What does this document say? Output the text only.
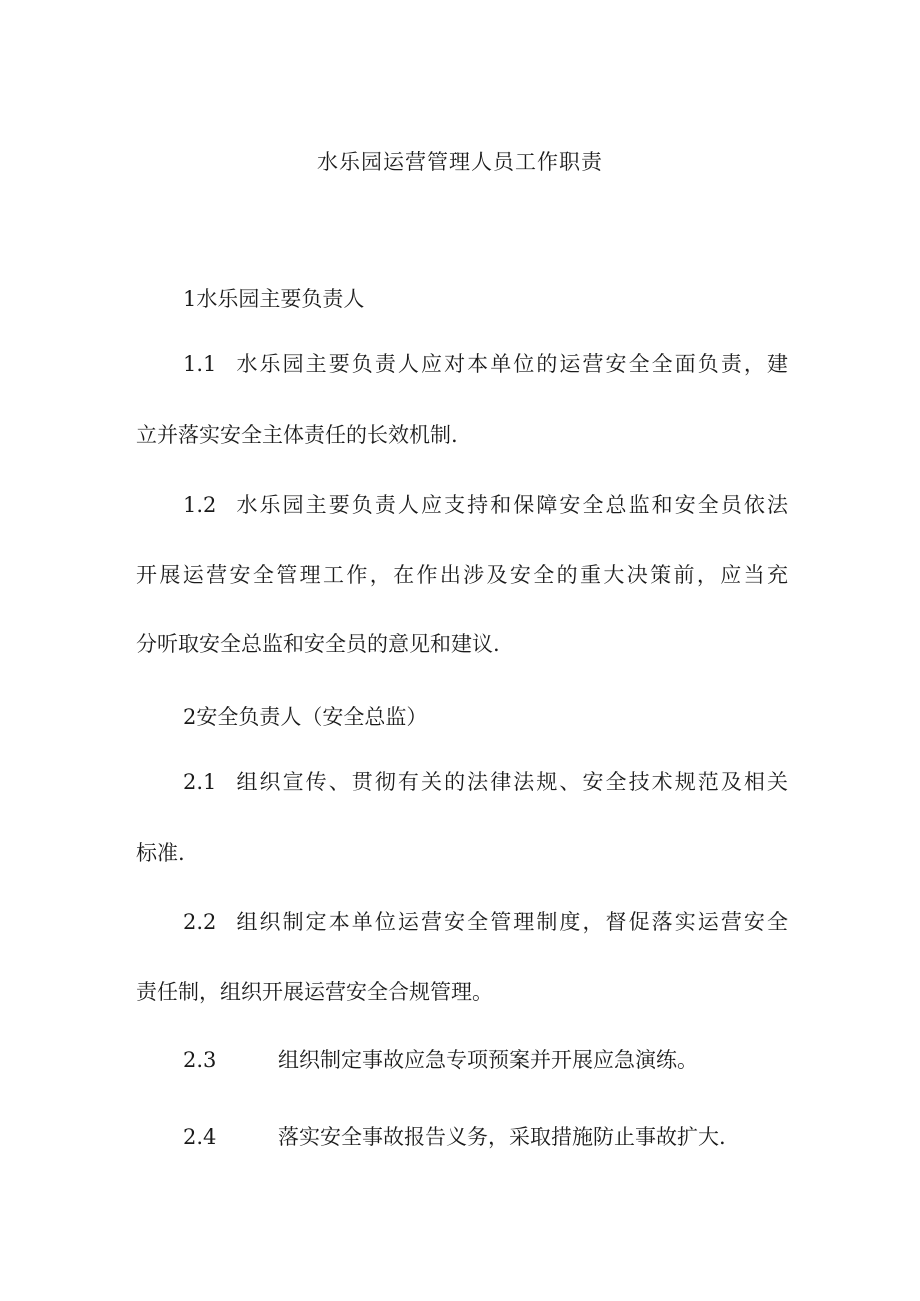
水乐园运营管理人员工作职责

1水乐园主要负责人

1.1 水乐园主要负责人应对本单位的运营安全全面负责，建

立并落实安全主体责任的长效机制.

1.2 水乐园主要负责人应支持和保障安全总监和安全员依法

开展运营安全管理工作，在作出涉及安全的重大决策前，应当充

分听取安全总监和安全员的意见和建议.

2安全负责人（安全总监）

2.1 组织宣传、贯彻有关的法律法规、安全技术规范及相关

标准.

2.2 组织制定本单位运营安全管理制度，督促落实运营安全

责任制，组织开展运营安全合规管理。

2.3	组织制定事故应急专项预案并开展应急演练。

2.4	落实安全事故报告义务，采取措施防止事故扩大.
